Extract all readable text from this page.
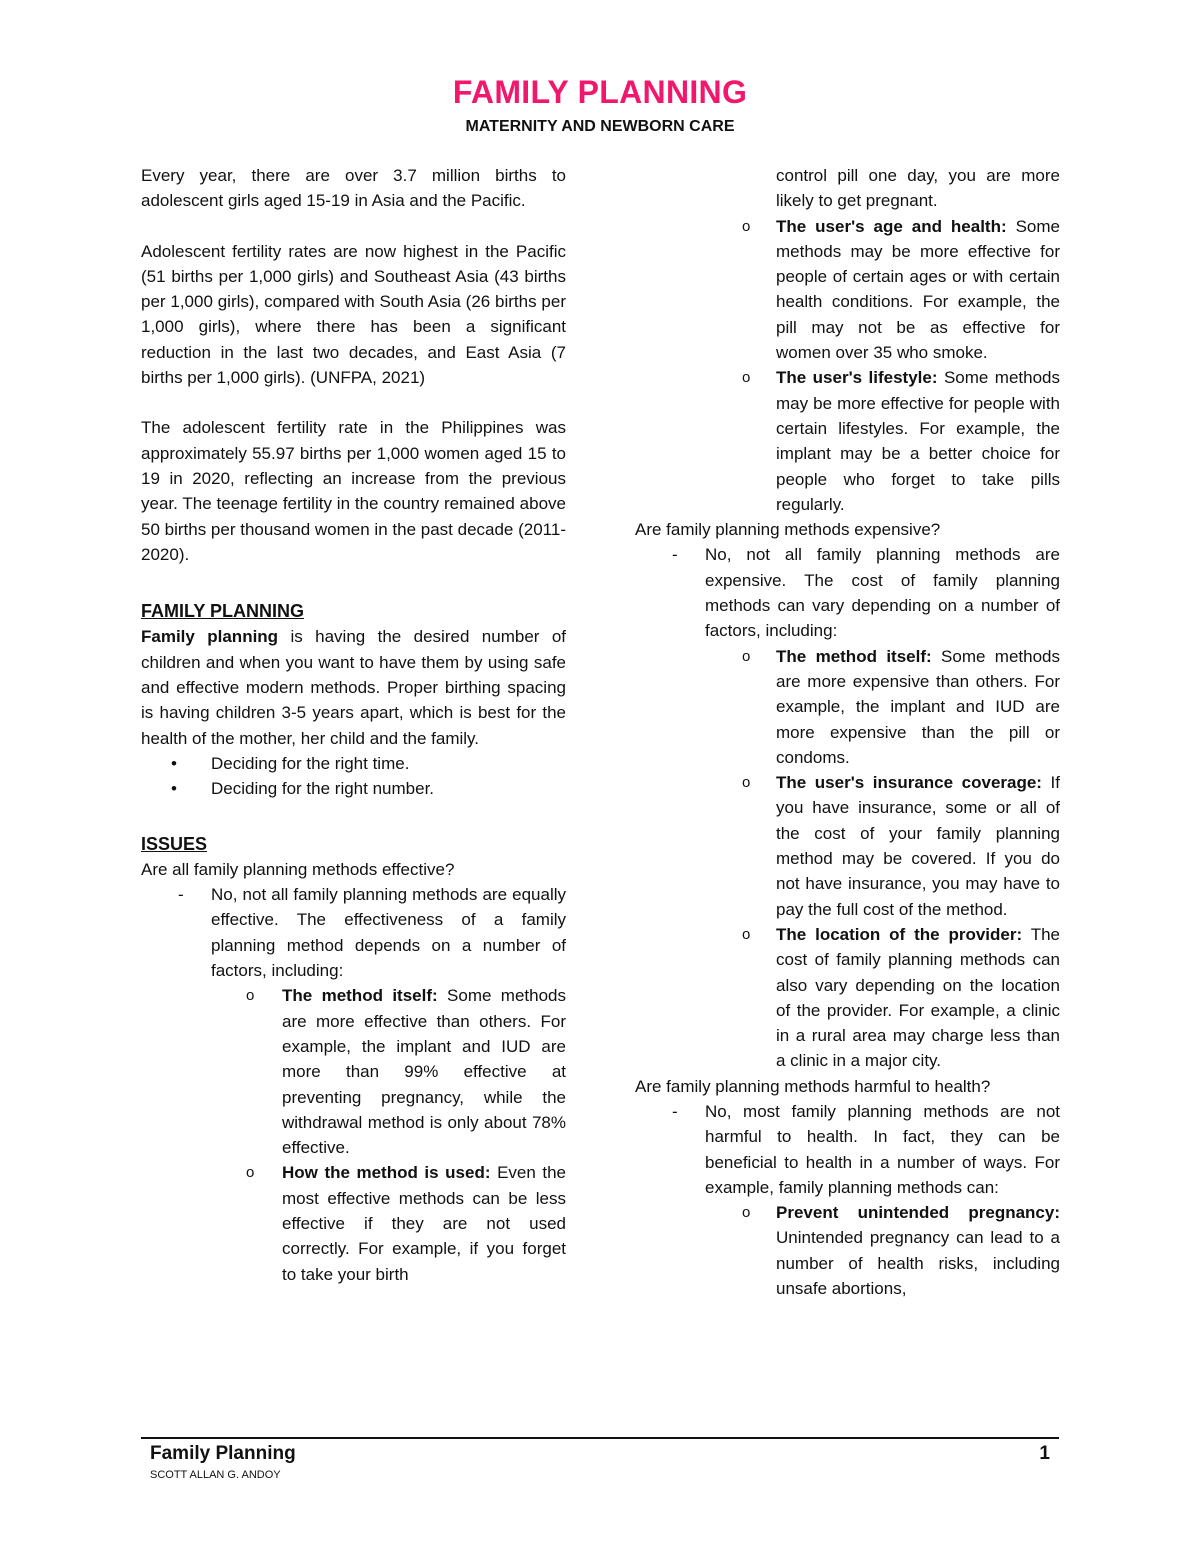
FAMILY PLANNING
MATERNITY AND NEWBORN CARE

Every year, there are over 3.7 million births to adolescent girls aged 15-19 in Asia and the Pacific.

Adolescent fertility rates are now highest in the Pacific (51 births per 1,000 girls) and Southeast Asia (43 births per 1,000 girls), compared with South Asia (26 births per 1,000 girls), where there has been a significant reduction in the last two decades, and East Asia (7 births per 1,000 girls). (UNFPA, 2021)

The adolescent fertility rate in the Philippines was approximately 55.97 births per 1,000 women aged 15 to 19 in 2020, reflecting an increase from the previous year. The teenage fertility in the country remained above 50 births per thousand women in the past decade (2011-2020).

FAMILY PLANNING

Family planning is having the desired number of children and when you want to have them by using safe and effective modern methods. Proper birthing spacing is having children 3-5 years apart, which is best for the health of the mother, her child and the family.

• Deciding for the right time.
• Deciding for the right number.

ISSUES

Are all family planning methods effective?

- No, not all family planning methods are equally effective. The effectiveness of a family planning method depends on a number of factors, including:
o The method itself: Some methods are more effective than others. For example, the implant and IUD are more than 99% effective at preventing pregnancy, while the withdrawal method is only about 78% effective.
o How the method is used: Even the most effective methods can be less effective if they are not used correctly. For example, if you forget to take your birth

control pill one day, you are more likely to get pregnant.

o The user's age and health: Some methods may be more effective for people of certain ages or with certain health conditions. For example, the pill may not be as effective for women over 35 who smoke.
o The user's lifestyle: Some methods may be more effective for people with certain lifestyles. For example, the implant may be a better choice for people who forget to take pills regularly.

Are family planning methods expensive?

- No, not all family planning methods are expensive. The cost of family planning methods can vary depending on a number of factors, including:
o The method itself: Some methods are more expensive than others. For example, the implant and IUD are more expensive than the pill or condoms.
o The user's insurance coverage: If you have insurance, some or all of the cost of your family planning method may be covered. If you do not have insurance, you may have to pay the full cost of the method.
o The location of the provider: The cost of family planning methods can also vary depending on the location of the provider. For example, a clinic in a rural area may charge less than a clinic in a major city.

Are family planning methods harmful to health?

- No, most family planning methods are not harmful to health. In fact, they can be beneficial to health in a number of ways. For example, family planning methods can:
o Prevent unintended pregnancy: Unintended pregnancy can lead to a number of health risks, including unsafe abortions,
Family Planning	1
SCOTT ALLAN G. ANDOY
